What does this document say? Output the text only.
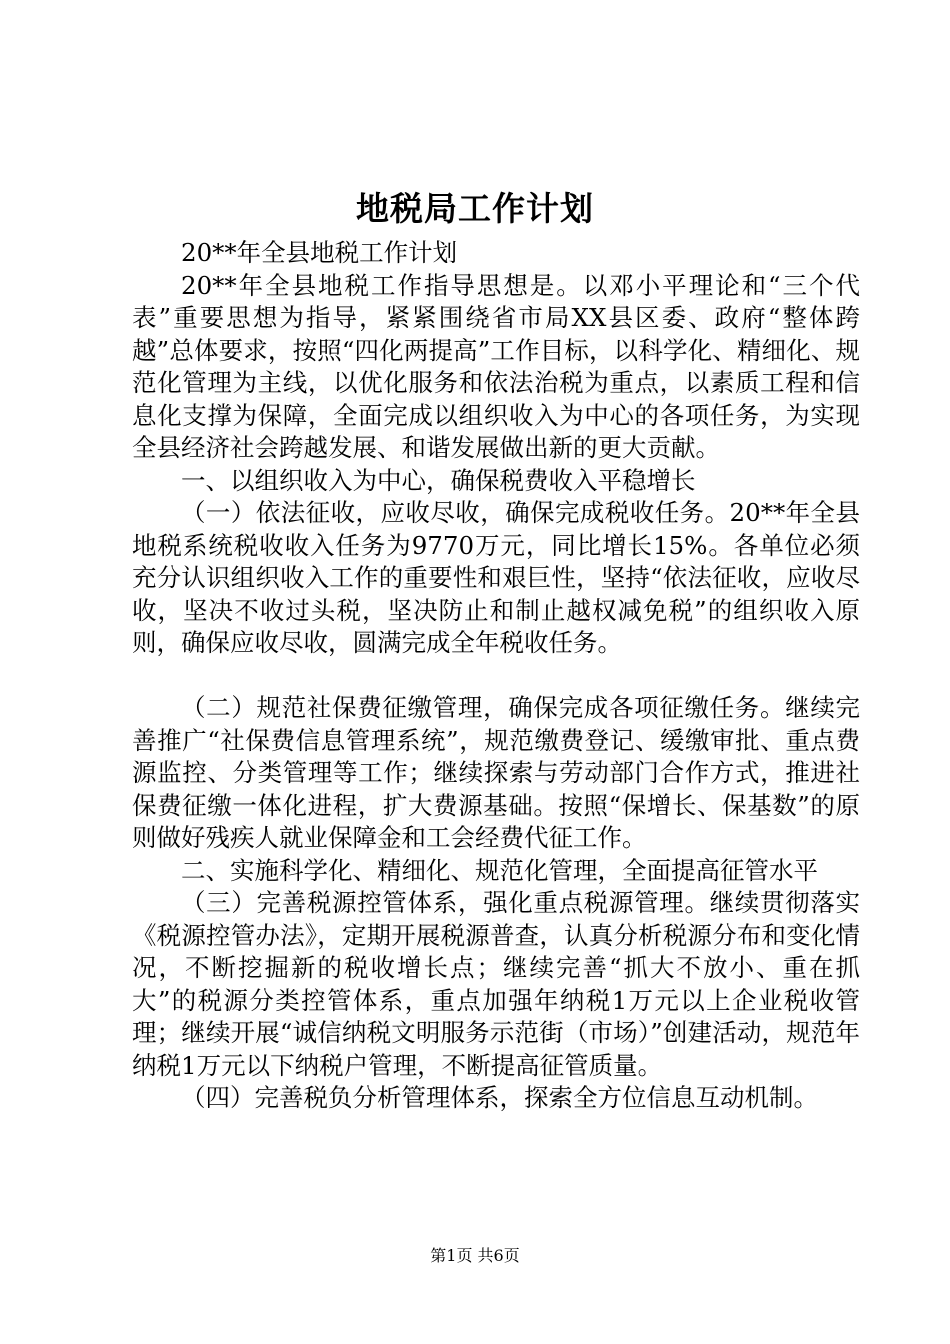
地税局工作计划

20**年全县地税工作计划

20**年全县地税工作指导思想是。以邓小平理论和“三个代表”重要思想为指导，紧紧围绕省市局XX县区委、政府“整体跨越”总体要求，按照“四化两提高”工作目标，以科学化、精细化、规范化管理为主线，以优化服务和依法治税为重点，以素质工程和信息化支撑为保障，全面完成以组织收入为中心的各项任务，为实现全县经济社会跨越发展、和谐发展做出新的更大贡献。

一、以组织收入为中心，确保税费收入平稳增长

（一）依法征收，应收尽收，确保完成税收任务。20**年全县地税系统税收收入任务为9770万元，同比增长15%。各单位必须充分认识组织收入工作的重要性和艰巨性，坚持“依法征收，应收尽收，坚决不收过头税，坚决防止和制止越权减免税”的组织收入原则，确保应收尽收，圆满完成全年税收任务。

（二）规范社保费征缴管理，确保完成各项征缴任务。继续完善推广“社保费信息管理系统”，规范缴费登记、缓缴审批、重点费源监控、分类管理等工作；继续探索与劳动部门合作方式，推进社保费征缴一体化进程，扩大费源基础。按照“保增长、保基数”的原则做好残疾人就业保障金和工会经费代征工作。

二、实施科学化、精细化、规范化管理，全面提高征管水平

（三）完善税源控管体系，强化重点税源管理。继续贯彻落实《税源控管办法》，定期开展税源普查，认真分析税源分布和变化情况，不断挖掘新的税收增长点；继续完善“抓大不放小、重在抓大”的税源分类控管体系，重点加强年纳税1万元以上企业税收管理；继续开展“诚信纳税文明服务示范街（市场）”创建活动，规范年纳税1万元以下纳税户管理，不断提高征管质量。

（四）完善税负分析管理体系，探索全方位信息互动机制。

第1页 共6页
